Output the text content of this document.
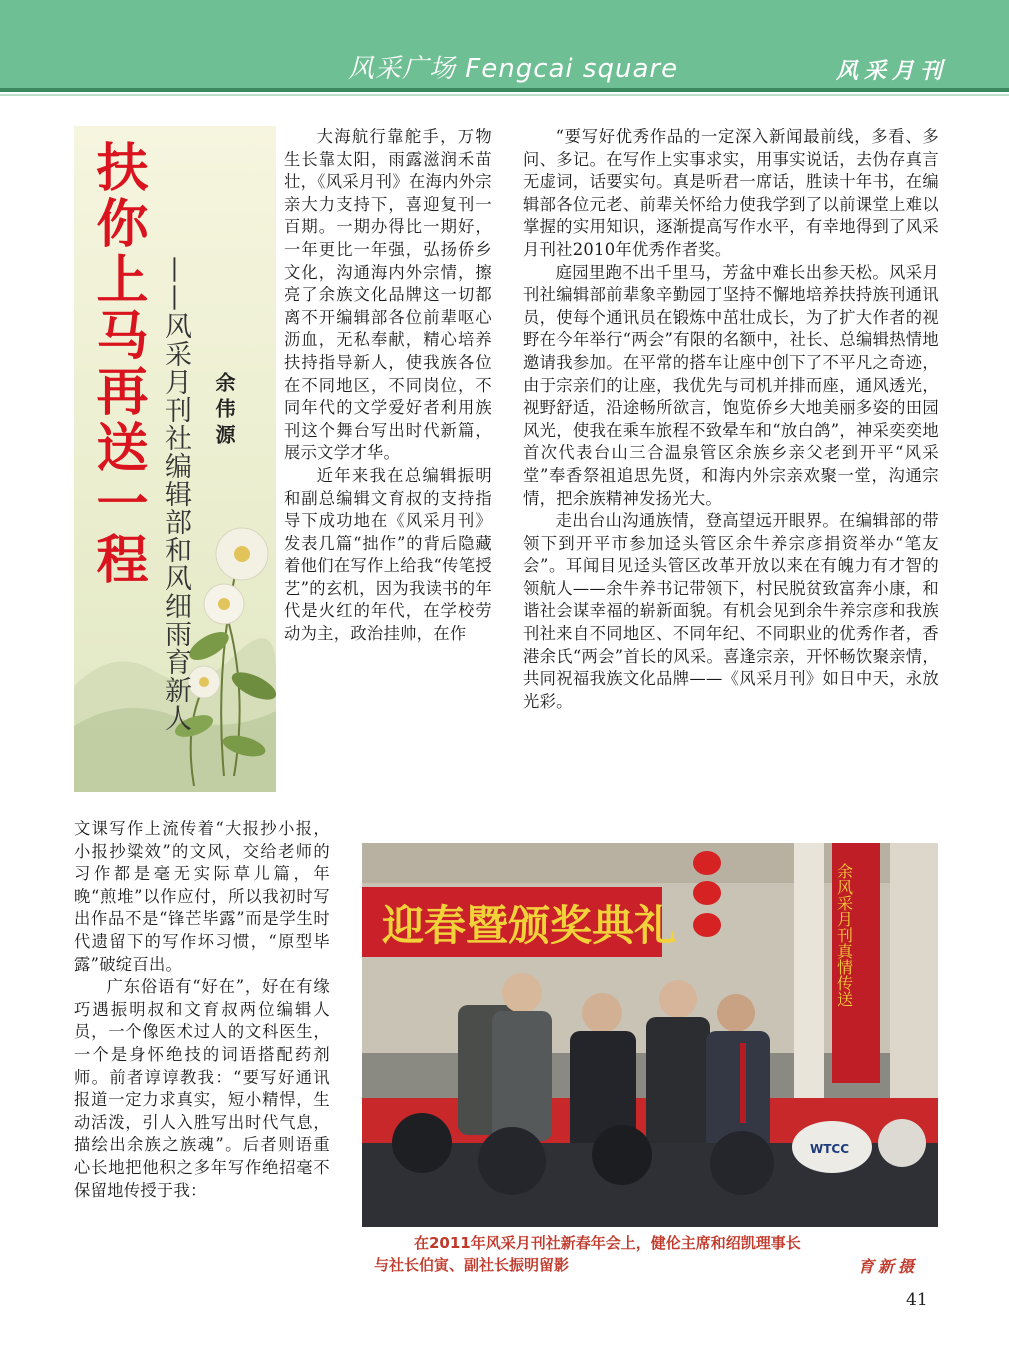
风采广场 Fengcai square	风采月刊
扶你上马再送一程 ——风采月刊社编辑部和风细雨育新人 余伟源

大海航行靠舵手，万物生长靠太阳，雨露滋润禾苗壮，《风采月刊》在海内外宗亲大力支持下，喜迎复刊一百期。一期办得比一期好，一年更比一年强，弘扬侨乡文化，沟通海内外宗情，擦亮了余族文化品牌这一切都离不开编辑部各位前辈呕心沥血，无私奉献，精心培养扶持指导新人，使我族各位在不同地区，不同岗位，不同年代的文学爱好者利用族刊这个舞台写出时代新篇，展示文学才华。

近年来我在总编辑振明和副总编辑文育叔的支持指导下成功地在《风采月刊》发表几篇“拙作”的背后隐藏着他们在写作上给我“传笔授艺”的玄机，因为我读书的年代是火红的年代，在学校劳动为主，政治挂帅，在作

“要写好优秀作品的一定深入新闻最前线，多看、多问、多记。在写作上实事求实，用事实说话，去伪存真言无虚词，话要实句。真是听君一席话，胜读十年书，在编辑部各位元老、前辈关怀给力使我学到了以前课堂上难以掌握的实用知识，逐渐提高写作水平，有幸地得到了风采月刊社2010年优秀作者奖。

庭园里跑不出千里马，芳盆中难长出参天松。风采月刊社编辑部前辈象辛勤园丁坚持不懈地培养扶持族刊通讯员，使每个通讯员在锻炼中茁壮成长，为了扩大作者的视野在今年举行“两会”有限的名额中，社长、总编辑热情地邀请我参加。在平常的搭车让座中创下了不平凡之奇迹，由于宗亲们的让座，我优先与司机并排而座，通风透光，视野舒适，沿途畅所欲言，饱览侨乡大地美丽多姿的田园风光，使我在乘车旅程不致晕车和“放白鸽”，神采奕奕地首次代表台山三合温泉管区余族乡亲父老到开平“风采堂”奉香祭祖追思先贤，和海内外宗亲欢聚一堂，沟通宗情，把余族精神发扬光大。

走出台山沟通族情，登高望远开眼界。在编辑部的带领下到开平市参加迳头管区余牛养宗彦捐资举办“笔友会”。耳闻目见迳头管区改革开放以来在有魄力有才智的领航人——余牛养书记带领下，村民脱贫致富奔小康，和谐社会谋幸福的崭新面貌。有机会见到余牛养宗彦和我族刊社来自不同地区、不同年纪、不同职业的优秀作者，香港余氏“两会”首长的风采。喜逢宗亲，开怀畅饮聚亲情，共同祝福我族文化品牌——《风采月刊》如日中天，永放光彩。

文课写作上流传着“大报抄小报，小报抄粱效”的文风，交给老师的习作都是毫无实际草儿篇，年晚“煎堆”以作应付，所以我初时写出作品不是“锋芒毕露”而是学生时代遗留下的写作坏习惯，“原型毕露”破绽百出。

广东俗语有“好在”，好在有缘巧遇振明叔和文育叔两位编辑人员，一个像医术过人的文科医生，一个是身怀绝技的词语搭配药剂师。前者谆谆教我：“要写好通讯报道一定力求真实，短小精悍，生动活泼，引人入胜写出时代气息，描绘出余族之族魂”。后者则语重心长地把他积之多年写作绝招毫不保留地传授于我：

迎春暨颁奖典礼	余风采月刊真情传送
WTCC
在2011年风采月刊社新春年会上，健伦主席和绍凯理事长
与社长伯寅、副社长振明留影	育新摄
41
